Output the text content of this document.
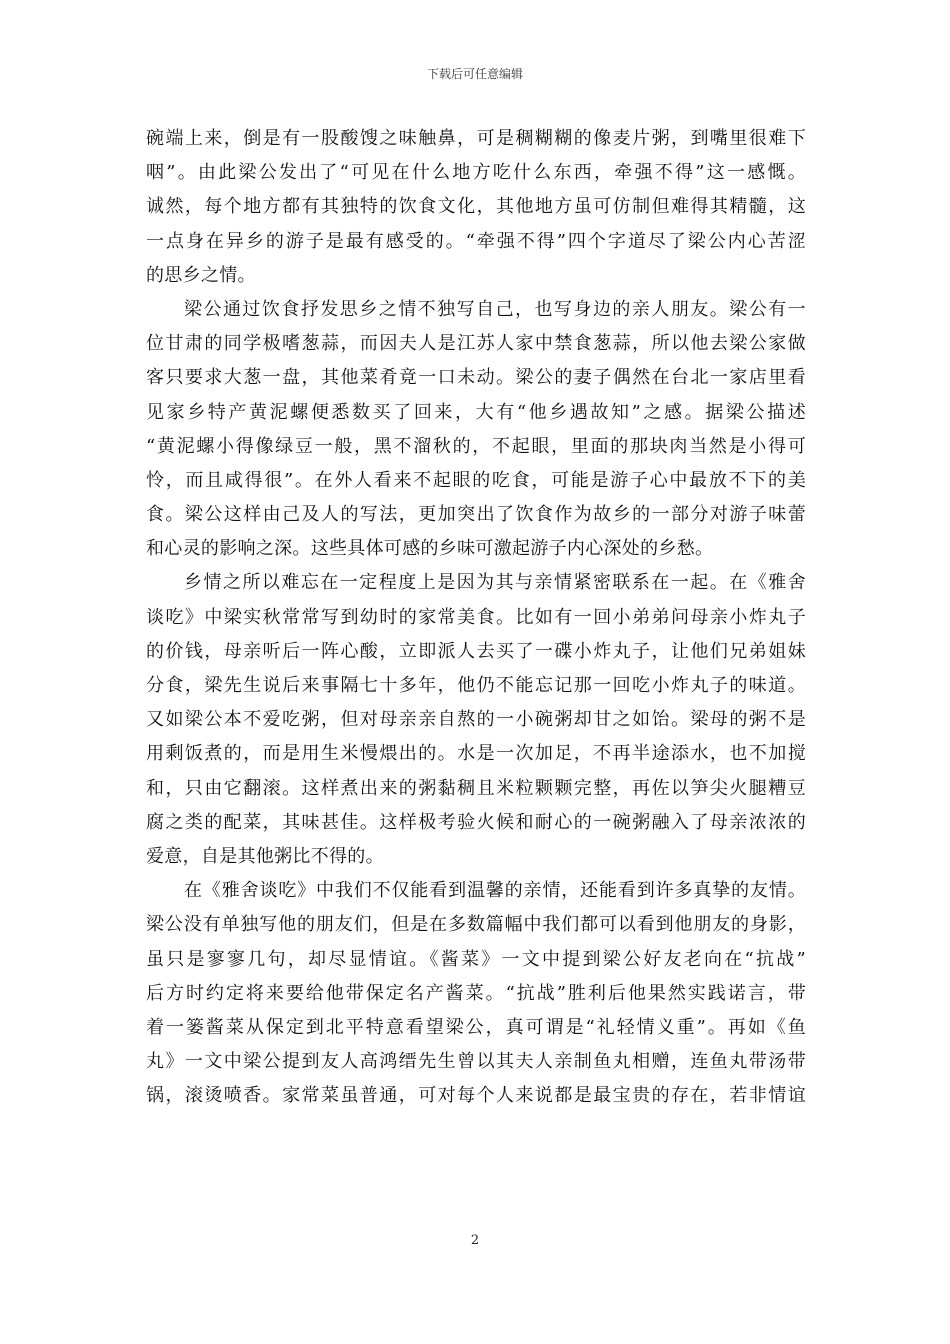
下载后可任意编辑
碗端上来，倒是有一股酸馊之味触鼻，可是稠糊糊的像麦片粥，到嘴里很难下
咽”。由此梁公发出了“可见在什么地方吃什么东西，牵强不得”这一感慨。
诚然，每个地方都有其独特的饮食文化，其他地方虽可仿制但难得其精髓，这
一点身在异乡的游子是最有感受的。“牵强不得”四个字道尽了梁公内心苦涩
的思乡之情。
梁公通过饮食抒发思乡之情不独写自己，也写身边的亲人朋友。梁公有一
位甘肃的同学极嗜葱蒜，而因夫人是江苏人家中禁食葱蒜，所以他去梁公家做
客只要求大葱一盘，其他菜肴竟一口未动。梁公的妻子偶然在台北一家店里看
见家乡特产黄泥螺便悉数买了回来，大有“他乡遇故知”之感。据梁公描述
“黄泥螺小得像绿豆一般，黑不溜秋的，不起眼，里面的那块肉当然是小得可
怜，而且咸得很”。在外人看来不起眼的吃食，可能是游子心中最放不下的美
食。梁公这样由己及人的写法，更加突出了饮食作为故乡的一部分对游子味蕾
和心灵的影响之深。这些具体可感的乡味可激起游子内心深处的乡愁。
乡情之所以难忘在一定程度上是因为其与亲情紧密联系在一起。在《雅舍
谈吃》中梁实秋常常写到幼时的家常美食。比如有一回小弟弟问母亲小炸丸子
的价钱，母亲听后一阵心酸，立即派人去买了一碟小炸丸子，让他们兄弟姐妹
分食，梁先生说后来事隔七十多年，他仍不能忘记那一回吃小炸丸子的味道。
又如梁公本不爱吃粥，但对母亲亲自熬的一小碗粥却甘之如饴。梁母的粥不是
用剩饭煮的，而是用生米慢煨出的。水是一次加足，不再半途添水，也不加搅
和，只由它翻滚。这样煮出来的粥黏稠且米粒颗颗完整，再佐以笋尖火腿糟豆
腐之类的配菜，其味甚佳。这样极考验火候和耐心的一碗粥融入了母亲浓浓的
爱意，自是其他粥比不得的。
在《雅舍谈吃》中我们不仅能看到温馨的亲情，还能看到许多真挚的友情。
梁公没有单独写他的朋友们，但是在多数篇幅中我们都可以看到他朋友的身影，
虽只是寥寥几句，却尽显情谊。《酱菜》一文中提到梁公好友老向在“抗战”
后方时约定将来要给他带保定名产酱菜。“抗战”胜利后他果然实践诺言，带
着一篓酱菜从保定到北平特意看望梁公，真可谓是“礼轻情义重”。再如《鱼
丸》一文中梁公提到友人高鸿缙先生曾以其夫人亲制鱼丸相赠，连鱼丸带汤带
锅，滚烫喷香。家常菜虽普通，可对每个人来说都是最宝贵的存在，若非情谊
2
